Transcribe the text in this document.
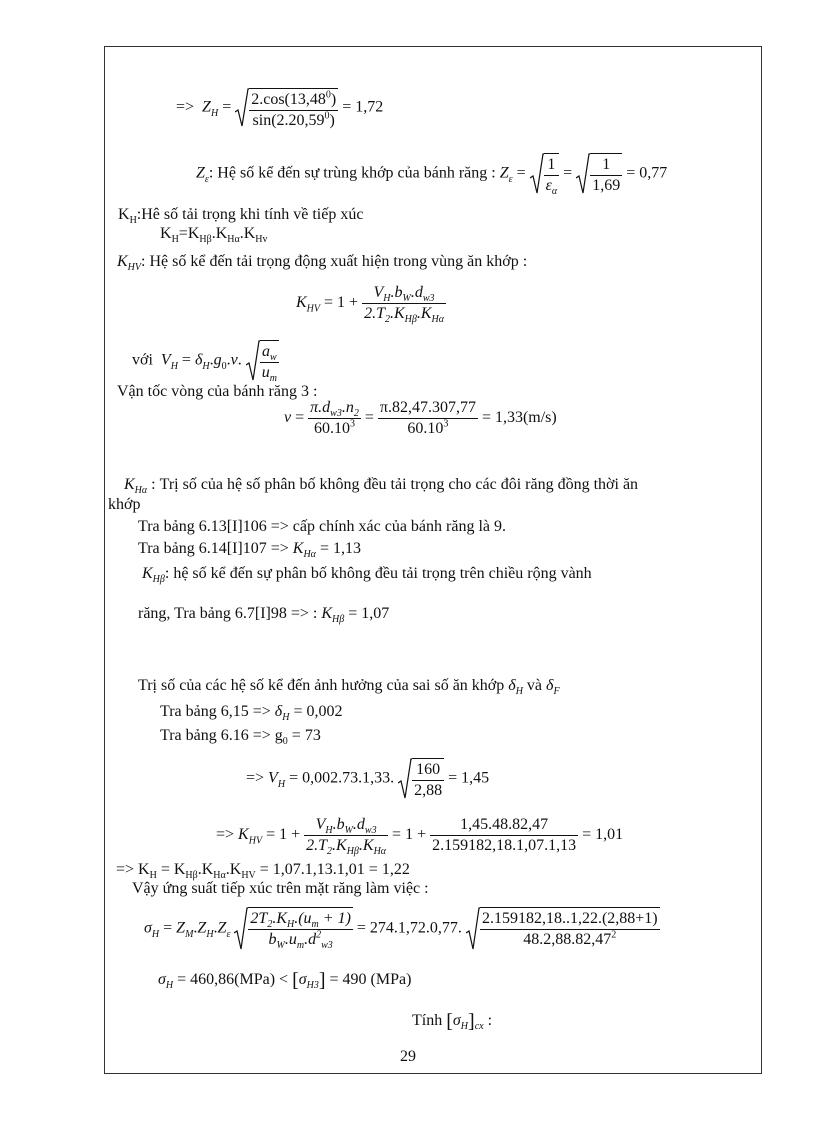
=>  $Z_H = \frac{2.\cos(13,48^0)}{\sin(2.20,59^0)} = 1,72$
$Z_\varepsilon$: Hệ số kể đến sự trùng khớp của bánh răng : $Z_\varepsilon = \frac{1}{\varepsilon_\alpha} = \frac{1}{1,69} = 0,77$
$K_H:Hê$ số tải trọng khi tính về tiếp xúc
$K_H=K_{H\beta}.K_{H\alpha}.K_{Hv}$
$K_{HV}$: Hệ số kể đến tải trọng động xuất hiện trong vùng ăn khớp :
$K_{HV} = 1$ +
$V_H.b_W.d_{w3}$
$2.T_2.K_{H\beta}.K_{H\alpha}$
với $V_H = \delta_H.g_0.v$. $\frac{a_w}{u_m}$
Vận tốc vòng của bánh răng 3 :
$v = \frac{\pi.d_{w3}.n_2}{60.10^3} = \frac{\pi.82,47.307,77}{60.10^3} = 1,33(m/s)$
$K_{H\alpha}$ : Trị số của hệ số phân bố không đều tải trọng cho các đôi răng đồng thời ăn
khớp
Tra bảng 6.13[I]106 => cấp chính xác của bánh răng là 9.
Tra bảng $6.14[I]107 => K_{H\alpha} = 1,13$
$K_{H\beta}$: hệ số kể đến sự phân bố không đều tải trọng trên chiều rộng vành
răng, Tra bảng 6.7[I]98 => : $K_{H\beta} = 1,07$
Trị số của các hệ số kể đến ảnh hưởng của sai số ăn khớp $\delta_H$ và $\delta_F$
Tra bảng $6,15 => \delta_H = 0,002$
Tra bảng $6.16 => g_0 = 73$
=> $V_H = 0,002.73.1,33$. $\frac{160}{2,88} = 1,45$
=> $K_{HV} = 1$ +
$V_H.b_W.d_{w3}$
$2.T_2.K_{H\beta}.K_{H\alpha}$
= $1 + \frac{1,45.48.82,47}{2.159182,18.1,07.1,13} = 1,01$
=> $K_H = K_{H\beta}.K_{H\alpha}.K_{HV} = 1,07.1,13.1,01 = 1,22$
Vậy ứng suất tiếp xúc trên mặt răng làm việc :
$\sigma_H = Z_M.Z_H.Z_\varepsilon \frac{2T_2.K_H.(u_m + 1)}{b_W.u_m.d^2_{w3}} = 274.1,72.0,77$. $\frac{2.159182,18..1,22.(2,88+1)}{48.2,88.82,47^2}$
$\sigma_H = 460,86(MPa) < [\sigma_{H3}] = 490$ (MPa)
Tính $[\sigma_H]_{cx}$ :
29
